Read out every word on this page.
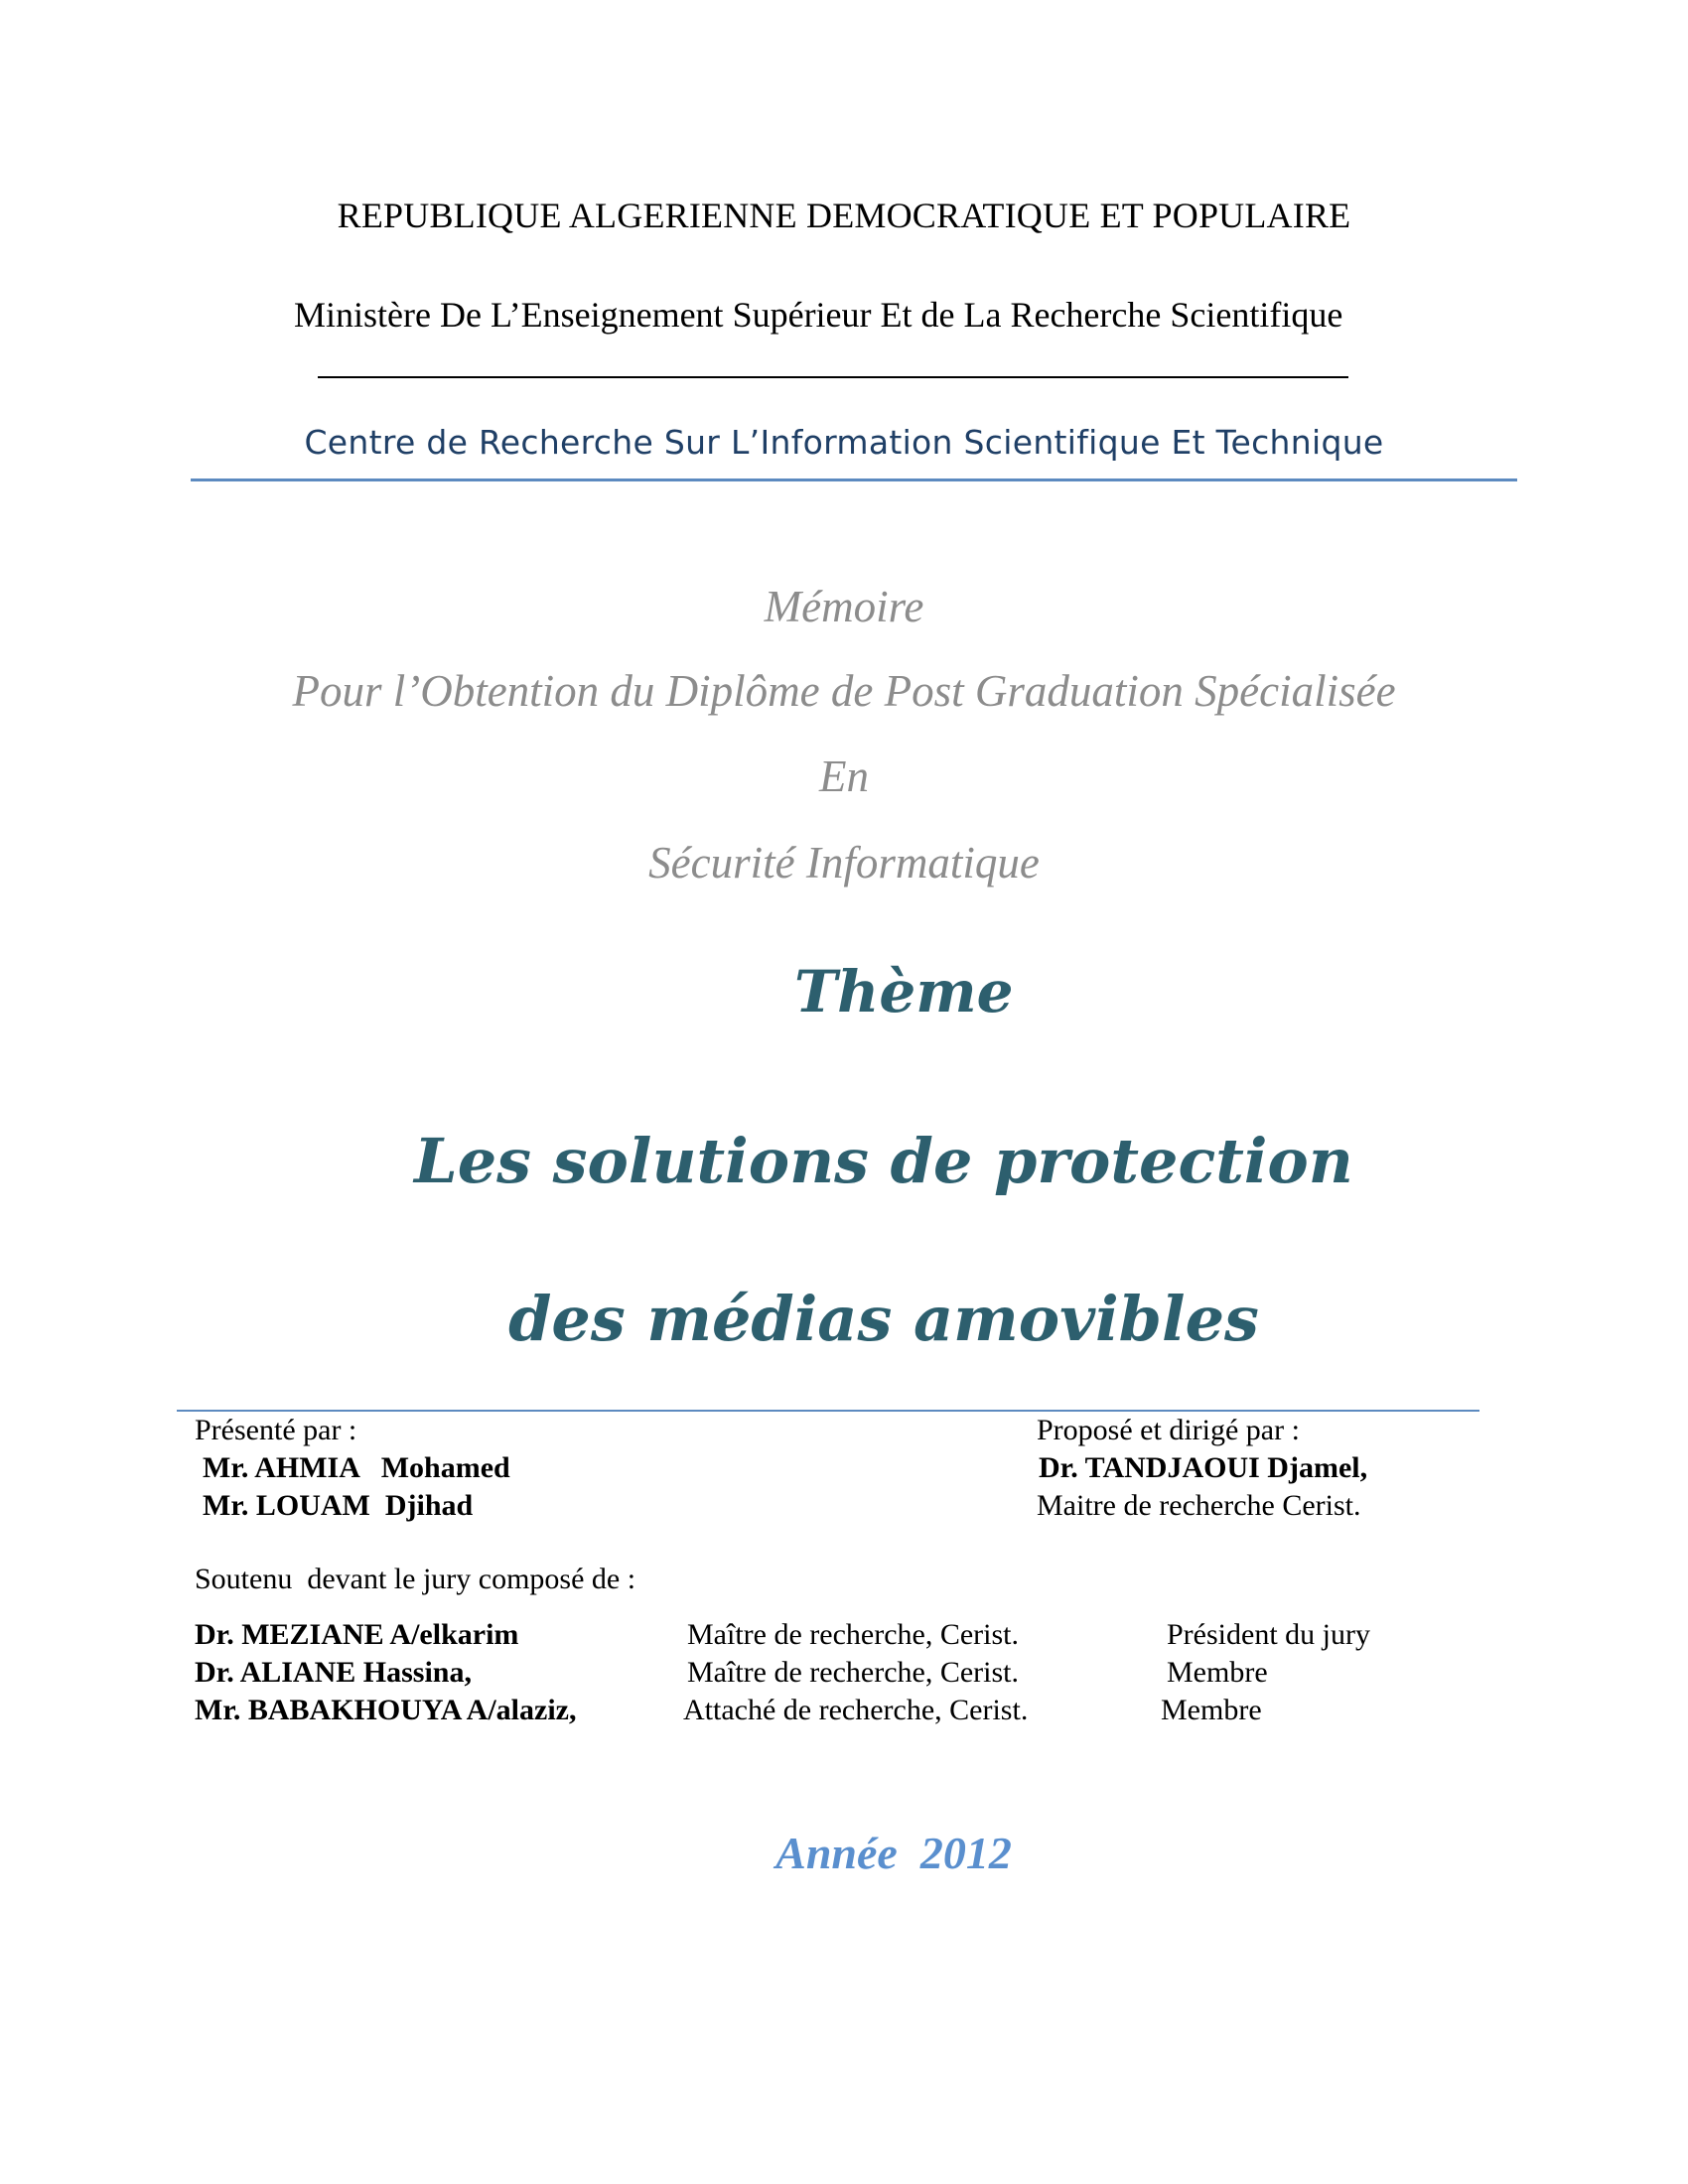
REPUBLIQUE ALGERIENNE DEMOCRATIQUE ET POPULAIRE
Ministère De L’Enseignement Supérieur Et de La Recherche Scientifique
Centre de Recherche Sur L’Information Scientifique Et Technique
Mémoire
Pour l’Obtention du Diplôme de Post Graduation Spécialisée
En
Sécurité Informatique
Thème
Les solutions de protection
des médias amovibles
Présenté par :
Mr. AHMIA   Mohamed
Mr. LOUAM  Djihad
Proposé et dirigé par :
Dr. TANDJAOUI Djamel,
Maitre de recherche Cerist.
Soutenu  devant le jury composé de :
Dr. MEZIANE A/elkarim	Maître de recherche, Cerist.	Président du jury
Dr. ALIANE Hassina,	Maître de recherche, Cerist.	Membre
Mr. BABAKHOUYA A/alaziz,	Attaché de recherche, Cerist.	Membre
Année  2012
